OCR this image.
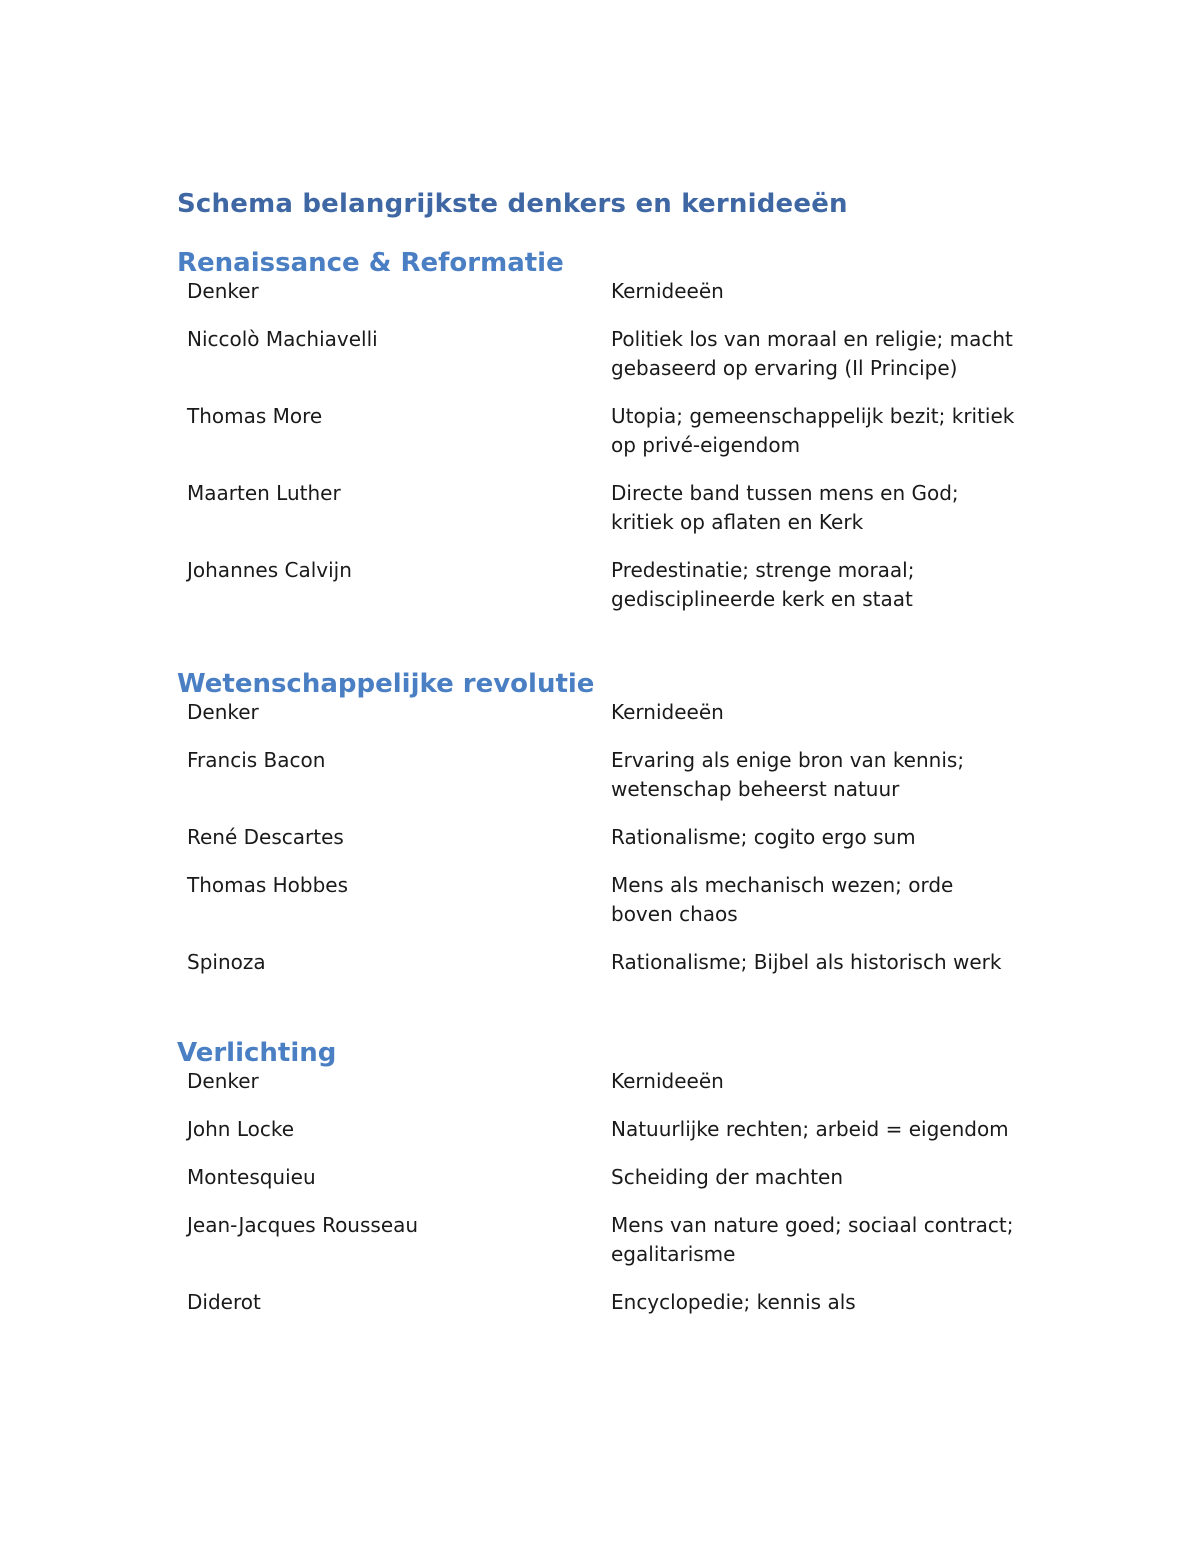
Schema belangrijkste denkers en kernideeën
Renaissance & Reformatie
Denker	Kernideeën
Niccolò Machiavelli	Politiek los van moraal en religie; macht gebaseerd op ervaring (Il Principe)
Thomas More	Utopia; gemeenschappelijk bezit; kritiek op privé-eigendom
Maarten Luther	Directe band tussen mens en God; kritiek op aflaten en Kerk
Johannes Calvijn	Predestinatie; strenge moraal; gedisciplineerde kerk en staat
Wetenschappelijke revolutie
Denker	Kernideeën
Francis Bacon	Ervaring als enige bron van kennis; wetenschap beheerst natuur
René Descartes	Rationalisme; cogito ergo sum
Thomas Hobbes	Mens als mechanisch wezen; orde boven chaos
Spinoza	Rationalisme; Bijbel als historisch werk
Verlichting
Denker	Kernideeën
John Locke	Natuurlijke rechten; arbeid = eigendom
Montesquieu	Scheiding der machten
Jean-Jacques Rousseau	Mens van nature goed; sociaal contract; egalitarisme
Diderot	Encyclopedie; kennis als
